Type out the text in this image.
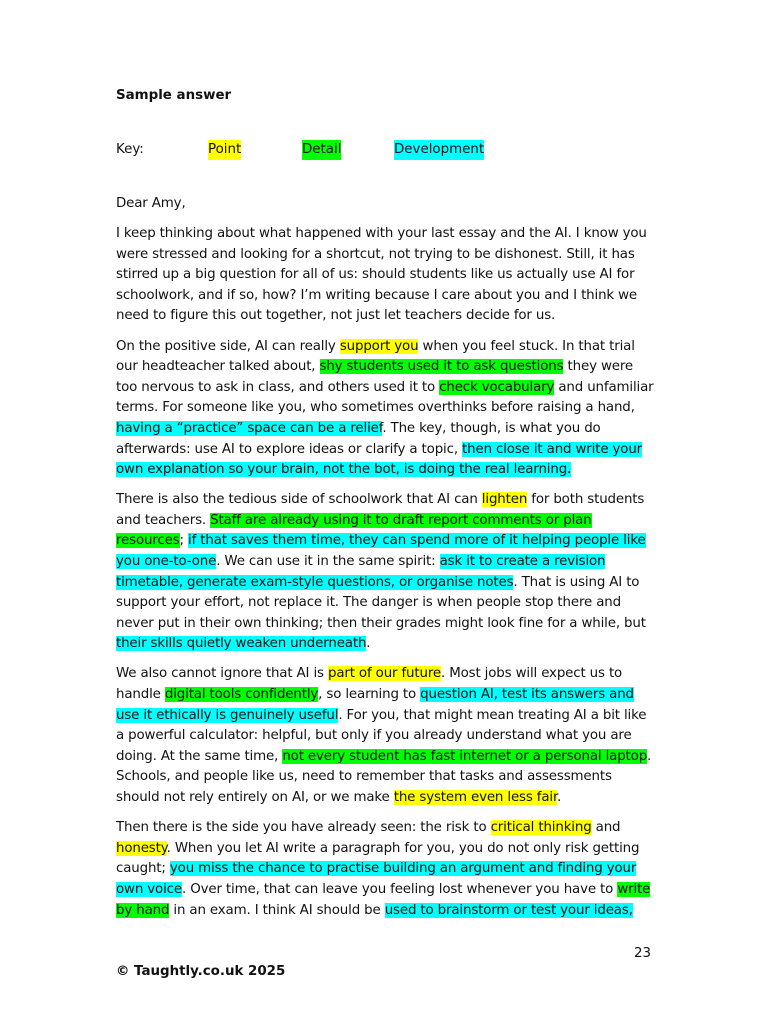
Sample answer
Key:	Point	Detail	Development

Dear Amy,

I keep thinking about what happened with your last essay and the AI. I know you were stressed and looking for a shortcut, not trying to be dishonest. Still, it has stirred up a big question for all of us: should students like us actually use AI for schoolwork, and if so, how? I’m writing because I care about you and I think we need to figure this out together, not just let teachers decide for us.

On the positive side, AI can really support you when you feel stuck. In that trial our headteacher talked about, shy students used it to ask questions they were too nervous to ask in class, and others used it to check vocabulary and unfamiliar terms. For someone like you, who sometimes overthinks before raising a hand, having a “practice” space can be a relief. The key, though, is what you do afterwards: use AI to explore ideas or clarify a topic, then close it and write your own explanation so your brain, not the bot, is doing the real learning.

There is also the tedious side of schoolwork that AI can lighten for both students and teachers. Staff are already using it to draft report comments or plan resources; if that saves them time, they can spend more of it helping people like you one-to-one. We can use it in the same spirit: ask it to create a revision timetable, generate exam-style questions, or organise notes. That is using AI to support your effort, not replace it. The danger is when people stop there and never put in their own thinking; then their grades might look fine for a while, but their skills quietly weaken underneath.

We also cannot ignore that AI is part of our future. Most jobs will expect us to handle digital tools confidently, so learning to question AI, test its answers and use it ethically is genuinely useful. For you, that might mean treating AI a bit like a powerful calculator: helpful, but only if you already understand what you are doing. At the same time, not every student has fast internet or a personal laptop. Schools, and people like us, need to remember that tasks and assessments should not rely entirely on AI, or we make the system even less fair.

Then there is the side you have already seen: the risk to critical thinking and honesty. When you let AI write a paragraph for you, you do not only risk getting caught; you miss the chance to practise building an argument and finding your own voice. Over time, that can leave you feeling lost whenever you have to write by hand in an exam. I think AI should be used to brainstorm or test your ideas,

23
© Taughtly.co.uk 2025
